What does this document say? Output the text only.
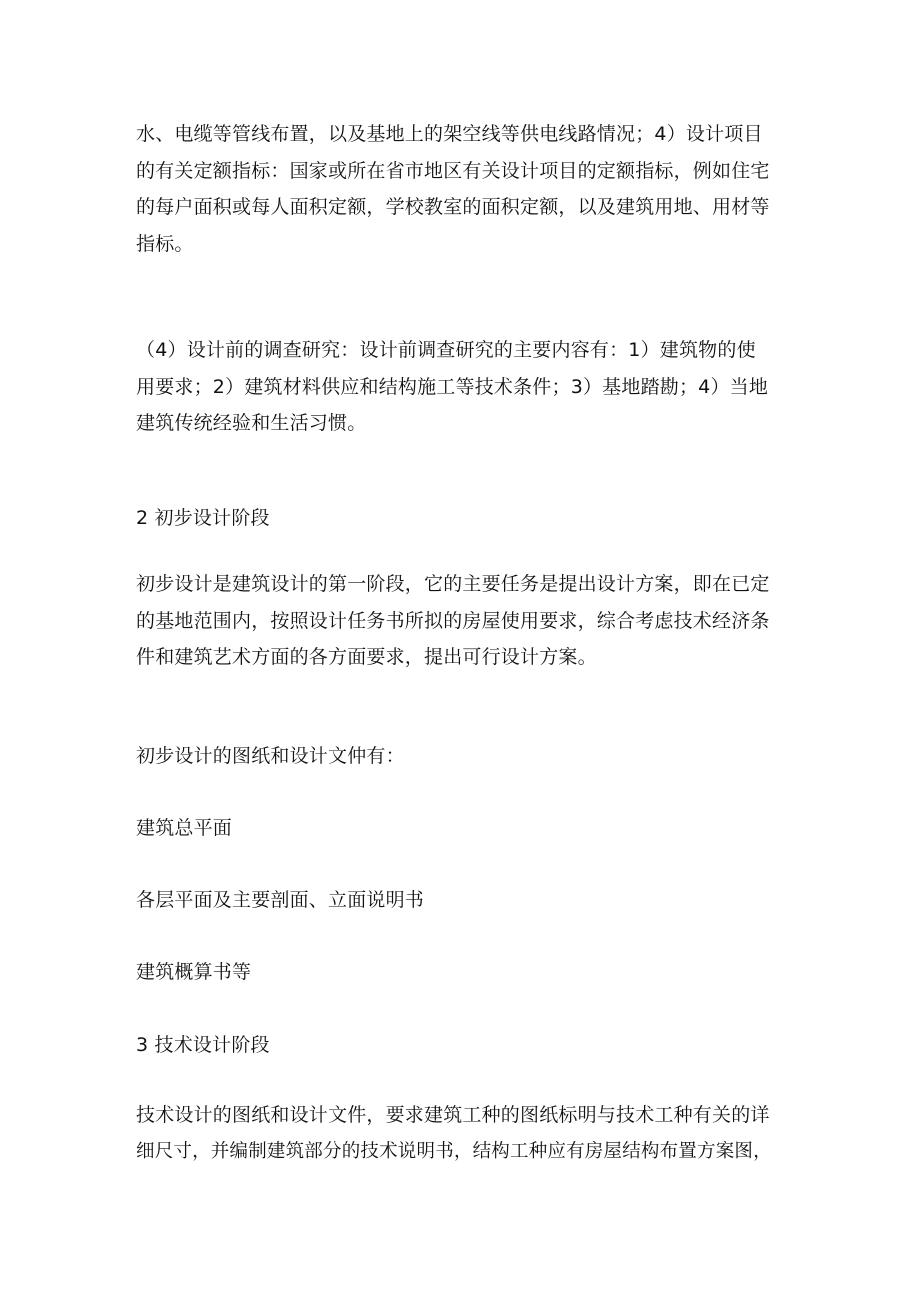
水、电缆等管线布置，以及基地上的架空线等供电线路情况；4）设计项目
的有关定额指标：国家或所在省市地区有关设计项目的定额指标，例如住宅
的每户面积或每人面积定额，学校教室的面积定额，以及建筑用地、用材等
指标。

（4）设计前的调查研究：设计前调查研究的主要内容有：1）建筑物的使
用要求；2）建筑材料供应和结构施工等技术条件；3）基地踏勘；4）当地
建筑传统经验和生活习惯。

2 初步设计阶段

初步设计是建筑设计的第一阶段，它的主要任务是提出设计方案，即在已定
的基地范围内，按照设计任务书所拟的房屋使用要求，综合考虑技术经济条
件和建筑艺术方面的各方面要求，提出可行设计方案。

初步设计的图纸和设计文仲有：

建筑总平面

各层平面及主要剖面、立面说明书

建筑概算书等

3 技术设计阶段

技术设计的图纸和设计文件，要求建筑工种的图纸标明与技术工种有关的详
细尺寸，并编制建筑部分的技术说明书，结构工种应有房屋结构布置方案图，
